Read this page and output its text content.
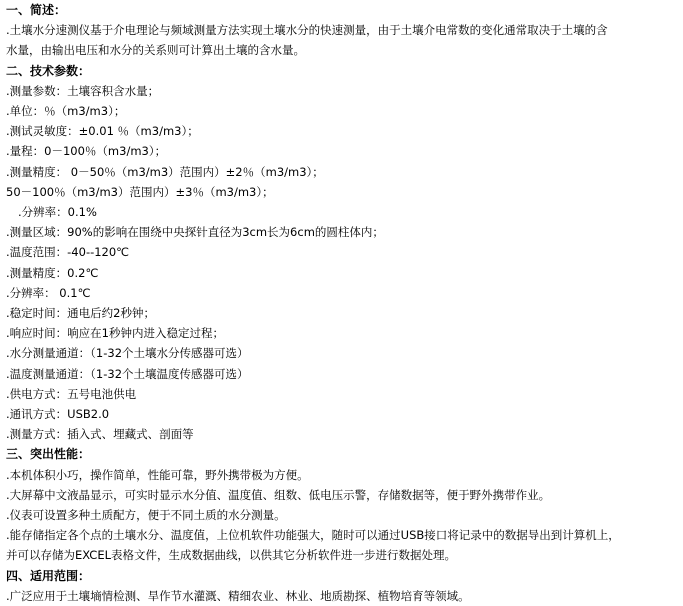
一、简述：
.土壤水分速测仪基于介电理论与频域测量方法实现土壤水分的快速测量，由于土壤介电常数的变化通常取决于土壤的含
水量，由输出电压和水分的关系则可计算出土壤的含水量。
二、技术参数：
.测量参数：土壤容积含水量；
.单位：％（m3/m3）；
.测试灵敏度：±0.01 ％（m3/m3）；
.量程：0－100％（m3/m3）；
.测量精度： 0－50％（m3/m3）范围内）±2％（m3/m3）；
50－100％（m3/m3）范围内）±3％（m3/m3）；
.分辨率：0.1%
.测量区域：90%的影响在围绕中央探针直径为3cm长为6cm的圆柱体内；
.温度范围：-40--120℃
.测量精度：0.2℃
.分辨率： 0.1℃
.稳定时间：通电后约2秒钟；
.响应时间：响应在1秒钟内进入稳定过程；
.水分测量通道：（1-32个土壤水分传感器可选）
.温度测量通道：（1-32个土壤温度传感器可选）
.供电方式：五号电池供电
.通讯方式：USB2.0
.测量方式：插入式、埋藏式、剖面等
三、突出性能：
.本机体积小巧，操作简单，性能可靠，野外携带极为方便。
.大屏幕中文液晶显示，可实时显示水分值、温度值、组数、低电压示警，存储数据等，便于野外携带作业。
.仪表可设置多种土质配方，便于不同土质的水分测量。
.能存储指定各个点的土壤水分、温度值，上位机软件功能强大，随时可以通过USB接口将记录中的数据导出到计算机上，
并可以存储为EXCEL表格文件，生成数据曲线，以供其它分析软件进一步进行数据处理。
四、适用范围：
.广泛应用于土壤墒情检测、旱作节水灌溉、精细农业、林业、地质勘探、植物培育等领域。
